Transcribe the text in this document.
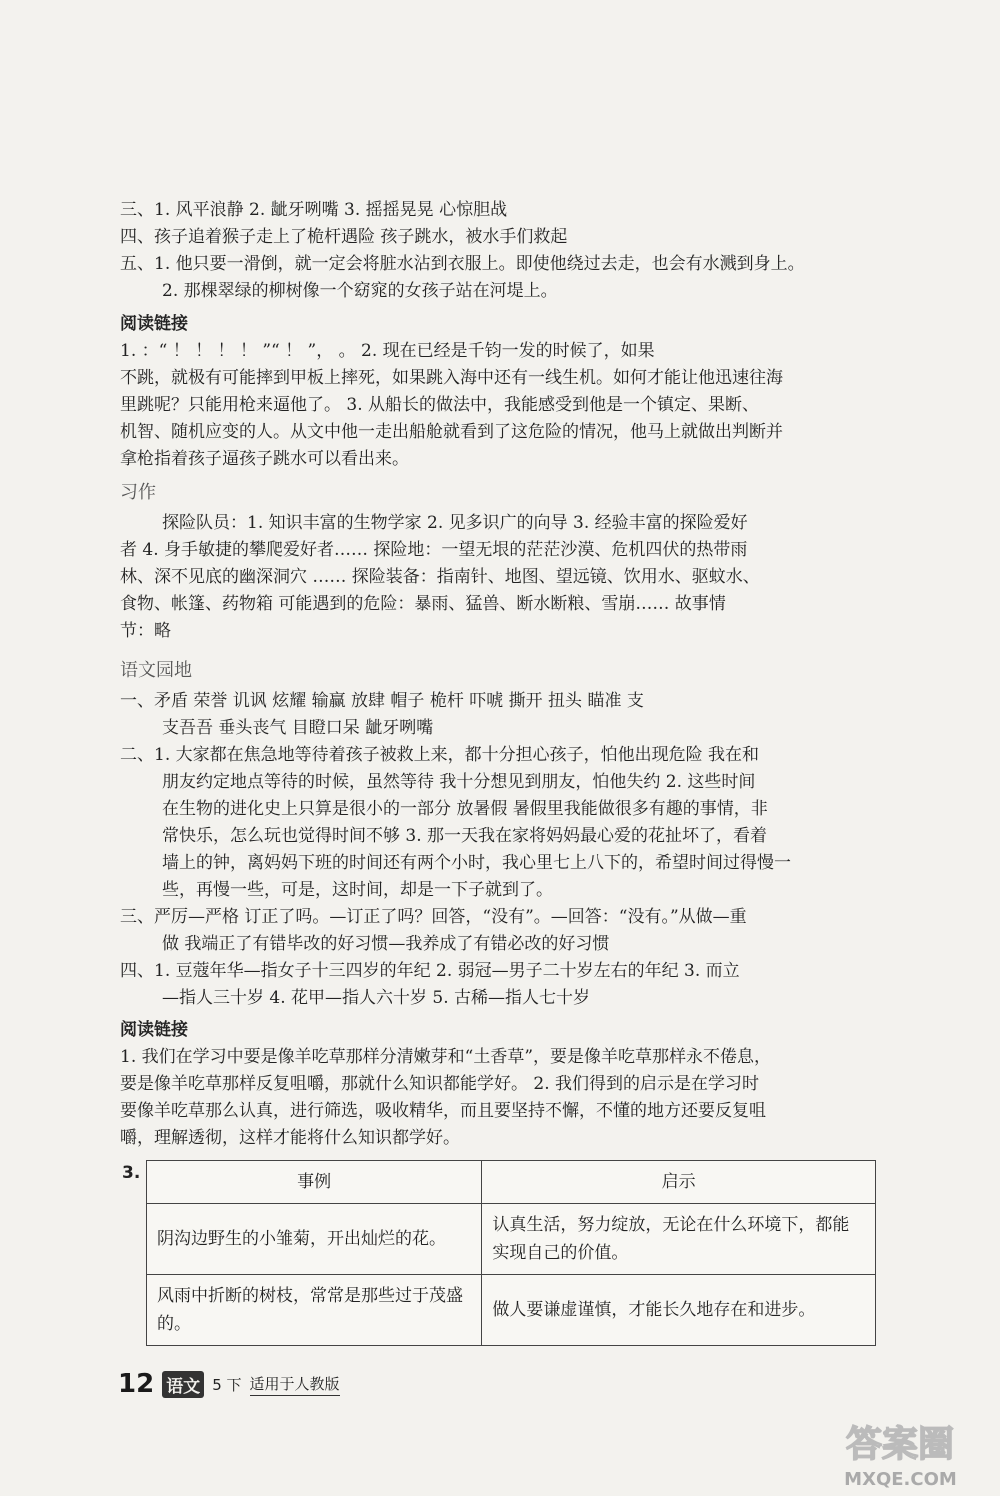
三、1. 风平浪静 2. 龇牙咧嘴 3. 摇摇晃晃 心惊胆战
四、孩子追着猴子走上了桅杆遇险 孩子跳水，被水手们救起
五、1. 他只要一滑倒，就一定会将脏水沾到衣服上。即使他绕过去走，也会有水溅到身上。
2. 那棵翠绿的柳树像一个窈窕的女孩子站在河堤上。
阅读链接
1. ：“ ！ ！ ！ ！ ”“ ！ ”， 。 2. 现在已经是千钧一发的时候了，如果
不跳，就极有可能摔到甲板上摔死，如果跳入海中还有一线生机。如何才能让他迅速往海
里跳呢？只能用枪来逼他了。 3. 从船长的做法中，我能感受到他是一个镇定、果断、
机智、随机应变的人。从文中他一走出船舱就看到了这危险的情况，他马上就做出判断并
拿枪指着孩子逼孩子跳水可以看出来。
习作
探险队员：1. 知识丰富的生物学家 2. 见多识广的向导 3. 经验丰富的探险爱好
者 4. 身手敏捷的攀爬爱好者…… 探险地：一望无垠的茫茫沙漠、危机四伏的热带雨
林、深不见底的幽深洞穴 …… 探险装备：指南针、地图、望远镜、饮用水、驱蚊水、
食物、帐篷、药物箱 可能遇到的危险：暴雨、猛兽、断水断粮、雪崩…… 故事情
节：略
语文园地
一、矛盾 荣誉 讥讽 炫耀 输赢 放肆 帽子 桅杆 吓唬 撕开 扭头 瞄准 支
支吾吾 垂头丧气 目瞪口呆 龇牙咧嘴
二、1. 大家都在焦急地等待着孩子被救上来，都十分担心孩子，怕他出现危险 我在和
朋友约定地点等待的时候，虽然等待 我十分想见到朋友，怕他失约 2. 这些时间
在生物的进化史上只算是很小的一部分 放暑假 暑假里我能做很多有趣的事情，非
常快乐，怎么玩也觉得时间不够 3. 那一天我在家将妈妈最心爱的花扯坏了，看着
墙上的钟，离妈妈下班的时间还有两个小时，我心里七上八下的，希望时间过得慢一
些，再慢一些，可是，这时间，却是一下子就到了。
三、严厉—严格 订正了吗。—订正了吗？回答，“没有”。—回答：“没有。”从做—重
做 我端正了有错毕改的好习惯—我养成了有错必改的好习惯
四、1. 豆蔻年华—指女子十三四岁的年纪 2. 弱冠—男子二十岁左右的年纪 3. 而立
—指人三十岁 4. 花甲—指人六十岁 5. 古稀—指人七十岁
阅读链接
1. 我们在学习中要是像羊吃草那样分清嫩芽和“土香草”，要是像羊吃草那样永不倦息，
要是像羊吃草那样反复咀嚼，那就什么知识都能学好。 2. 我们得到的启示是在学习时
要像羊吃草那么认真，进行筛选，吸收精华，而且要坚持不懈，不懂的地方还要反复咀
嚼，理解透彻，这样才能将什么知识都学好。
3.	事例	启示
阴沟边野生的小雏菊，开出灿烂的花。	认真生活，努力绽放，无论在什么环境下，都能实现自己的价值。
风雨中折断的树枝，常常是那些过于茂盛的。	做人要谦虚谨慎，才能长久地存在和进步。
12 语文 5 下 适用于人教版
答案圈
MXQE.COM
